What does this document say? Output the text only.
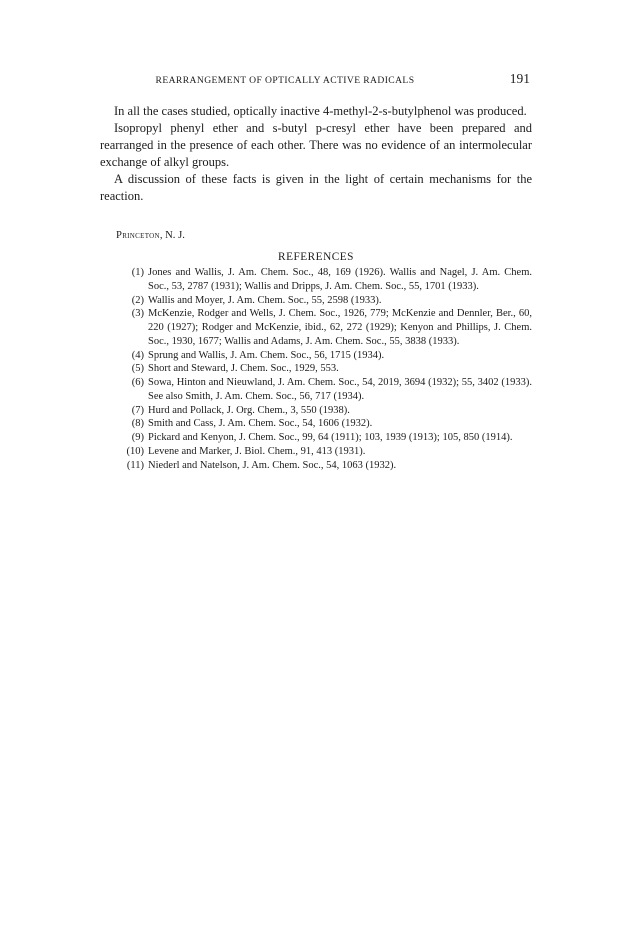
REARRANGEMENT OF OPTICALLY ACTIVE RADICALS	191

In all the cases studied, optically inactive 4-methyl-2-s-butylphenol was produced.

Isopropyl phenyl ether and s-butyl p-cresyl ether have been prepared and rearranged in the presence of each other. There was no evidence of an intermolecular exchange of alkyl groups.

A discussion of these facts is given in the light of certain mechanisms for the reaction.

Princeton, N. J.
REFERENCES
(1) Jones and Wallis, J. Am. Chem. Soc., 48, 169 (1926). Wallis and Nagel, J. Am. Chem. Soc., 53, 2787 (1931); Wallis and Dripps, J. Am. Chem. Soc., 55, 1701 (1933).
(2) Wallis and Moyer, J. Am. Chem. Soc., 55, 2598 (1933).
(3) McKenzie, Rodger and Wells, J. Chem. Soc., 1926, 779; McKenzie and Dennler, Ber., 60, 220 (1927); Rodger and McKenzie, ibid., 62, 272 (1929); Kenyon and Phillips, J. Chem. Soc., 1930, 1677; Wallis and Adams, J. Am. Chem. Soc., 55, 3838 (1933).
(4) Sprung and Wallis, J. Am. Chem. Soc., 56, 1715 (1934).
(5) Short and Steward, J. Chem. Soc., 1929, 553.
(6) Sowa, Hinton and Nieuwland, J. Am. Chem. Soc., 54, 2019, 3694 (1932); 55, 3402 (1933). See also Smith, J. Am. Chem. Soc., 56, 717 (1934).
(7) Hurd and Pollack, J. Org. Chem., 3, 550 (1938).
(8) Smith and Cass, J. Am. Chem. Soc., 54, 1606 (1932).
(9) Pickard and Kenyon, J. Chem. Soc., 99, 64 (1911); 103, 1939 (1913); 105, 850 (1914).
(10) Levene and Marker, J. Biol. Chem., 91, 413 (1931).
(11) Niederl and Natelson, J. Am. Chem. Soc., 54, 1063 (1932).
